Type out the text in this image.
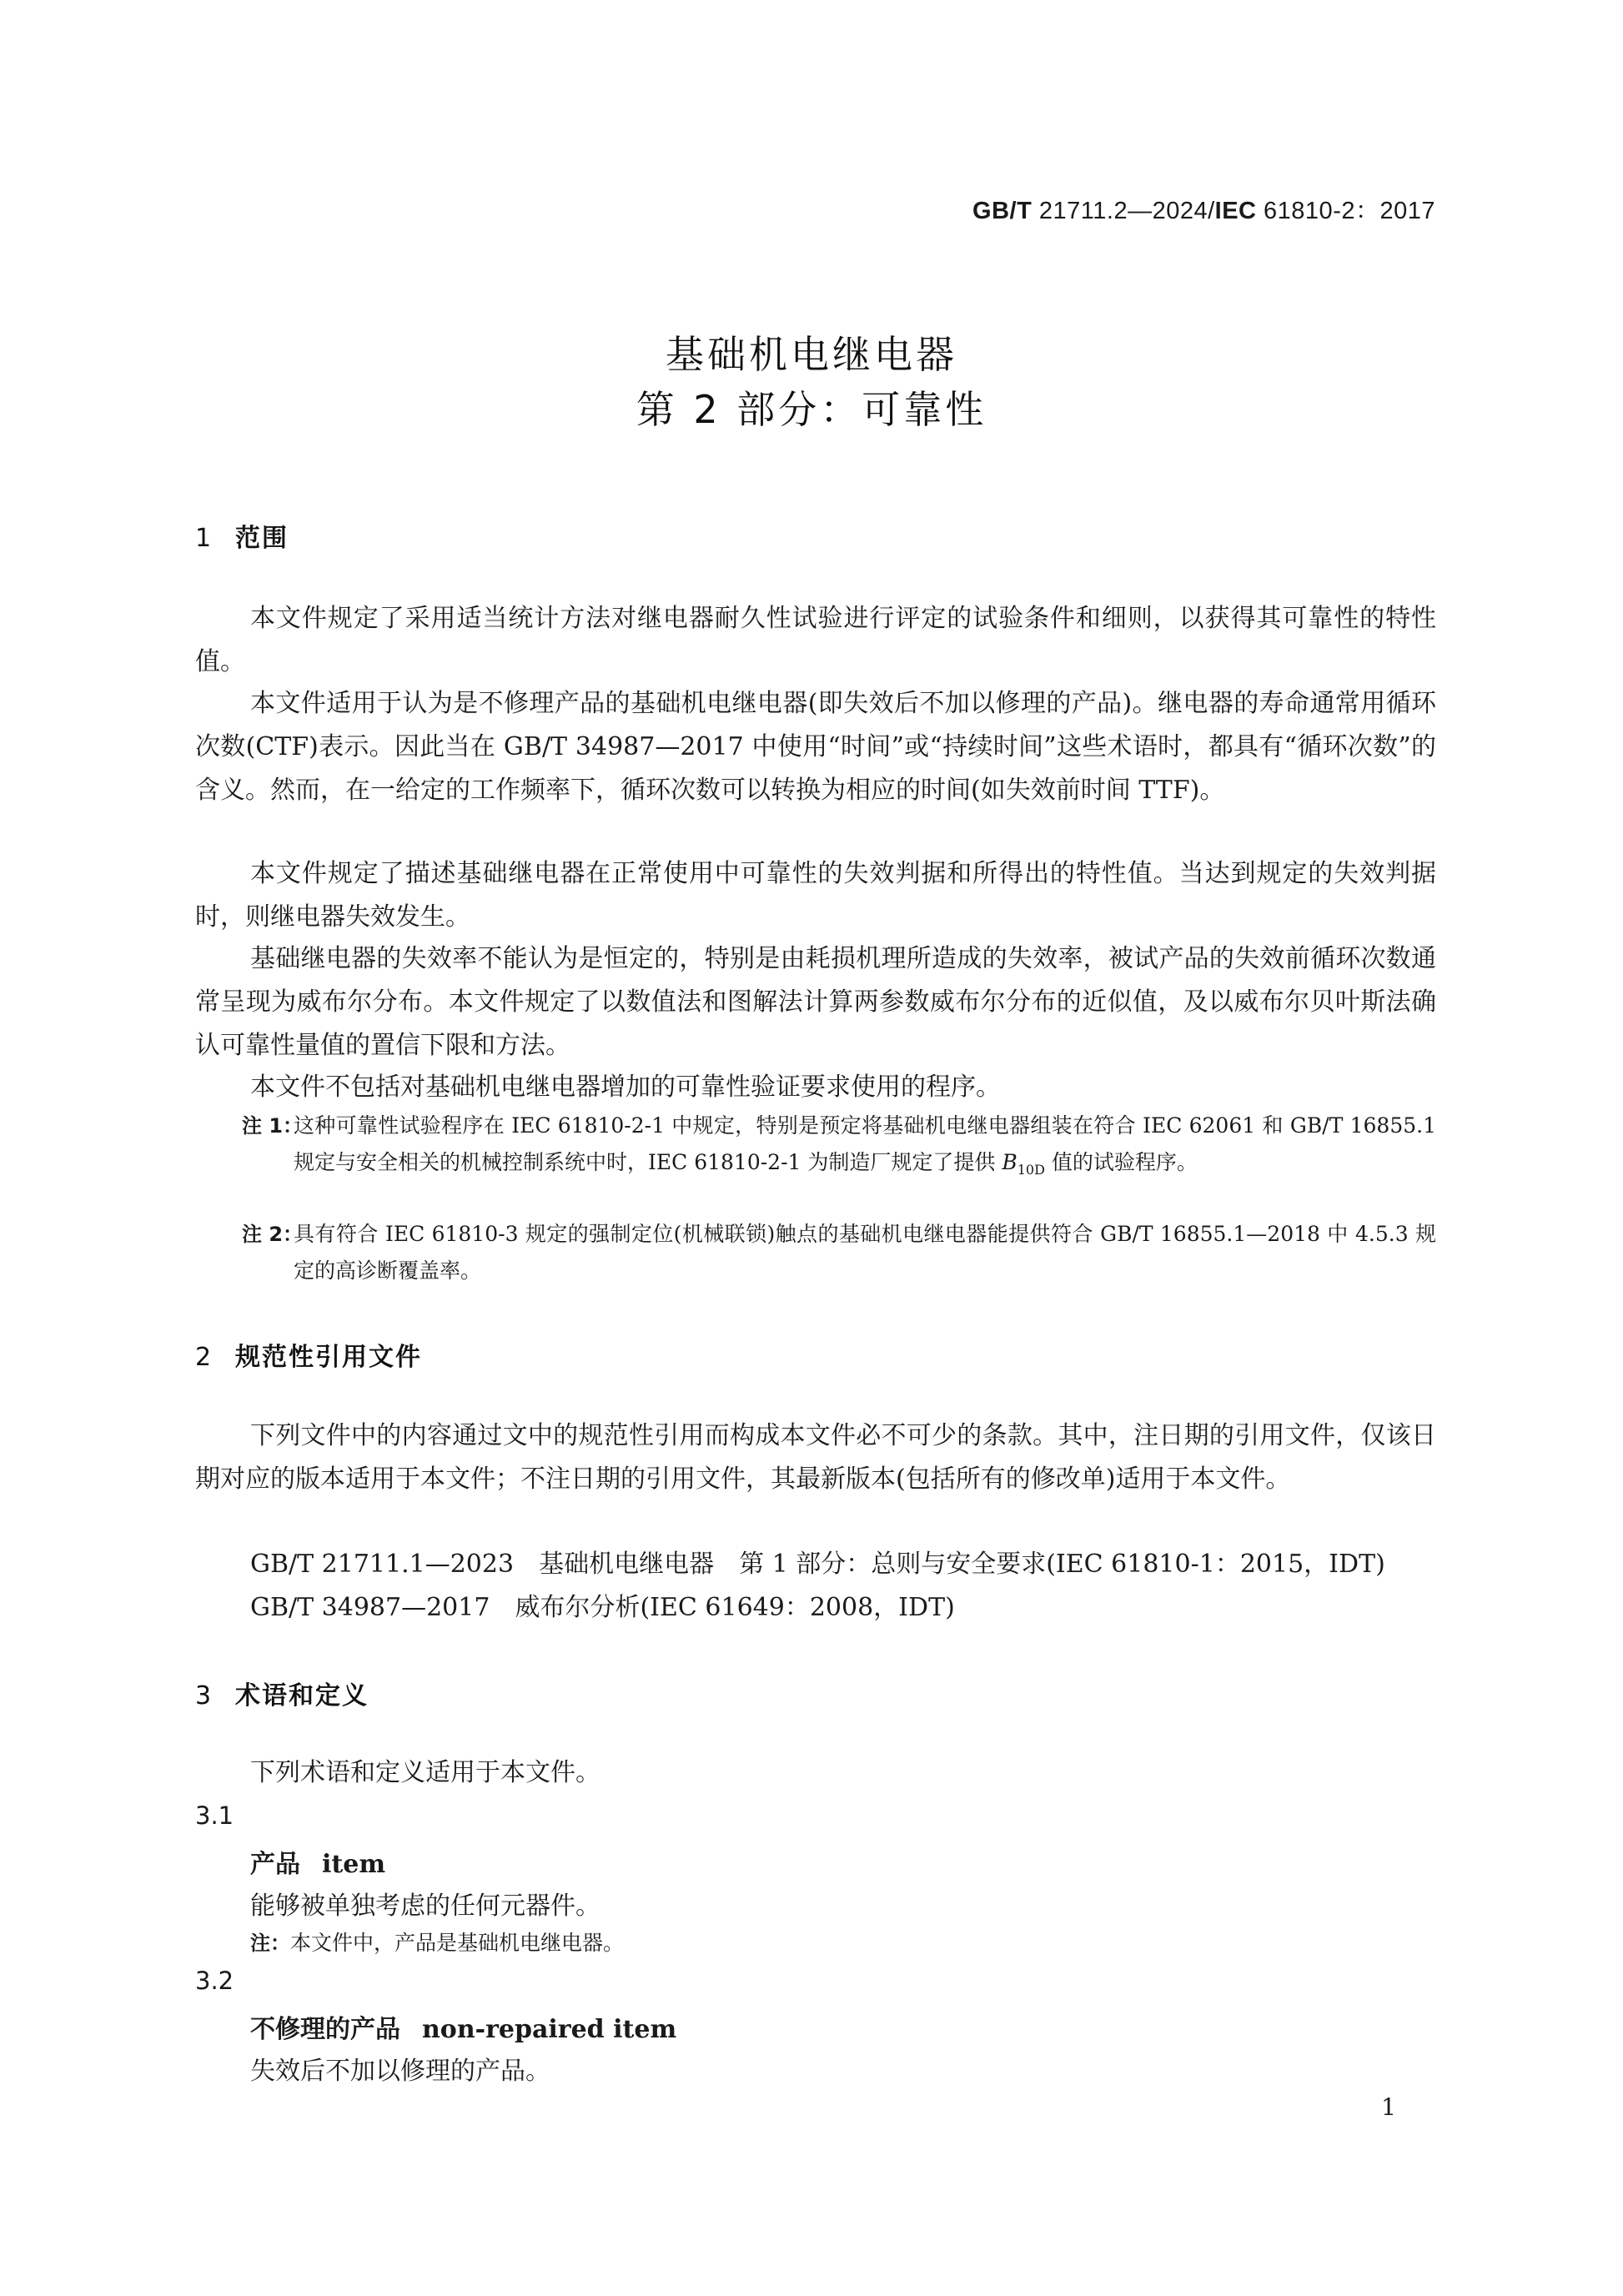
GB/T 21711.2—2024/IEC 61810-2：2017
基础机电继电器
第 2 部分：可靠性
1 范围

本文件规定了采用适当统计方法对继电器耐久性试验进行评定的试验条件和细则，以获得其可靠性的特性值。

本文件适用于认为是不修理产品的基础机电继电器(即失效后不加以修理的产品)。继电器的寿命通常用循环次数(CTF)表示。因此当在 GB/T 34987—2017 中使用“时间”或“持续时间”这些术语时，都具有“循环次数”的含义。然而，在一给定的工作频率下，循环次数可以转换为相应的时间(如失效前时间 TTF)。

本文件规定了描述基础继电器在正常使用中可靠性的失效判据和所得出的特性值。当达到规定的失效判据时，则继电器失效发生。

基础继电器的失效率不能认为是恒定的，特别是由耗损机理所造成的失效率，被试产品的失效前循环次数通常呈现为威布尔分布。本文件规定了以数值法和图解法计算两参数威布尔分布的近似值，及以威布尔贝叶斯法确认可靠性量值的置信下限和方法。

本文件不包括对基础机电继电器增加的可靠性验证要求使用的程序。

注 1：
这种可靠性试验程序在 IEC 61810-2-1 中规定，特别是预定将基础机电继电器组装在符合 IEC 62061 和 GB/T 16855.1 规定与安全相关的机械控制系统中时，IEC 61810-2-1 为制造厂规定了提供 $B_{10D}$ 值的试验程序。
注 2：
具有符合 IEC 61810-3 规定的强制定位(机械联锁)触点的基础机电继电器能提供符合 GB/T 16855.1—2018 中 4.5.3 规定的高诊断覆盖率。
2 规范性引用文件

下列文件中的内容通过文中的规范性引用而构成本文件必不可少的条款。其中，注日期的引用文件，仅该日期对应的版本适用于本文件；不注日期的引用文件，其最新版本(包括所有的修改单)适用于本文件。

GB/T 21711.1—2023　基础机电继电器　第 1 部分：总则与安全要求(IEC 61810-1：2015，IDT)

GB/T 34987—2017　威布尔分析(IEC 61649：2008，IDT)

3 术语和定义

下列术语和定义适用于本文件。

3.1

产品 item

能够被单独考虑的任何元器件。

注：本文件中，产品是基础机电继电器。

3.2

不修理的产品 non-repaired item

失效后不加以修理的产品。

1
